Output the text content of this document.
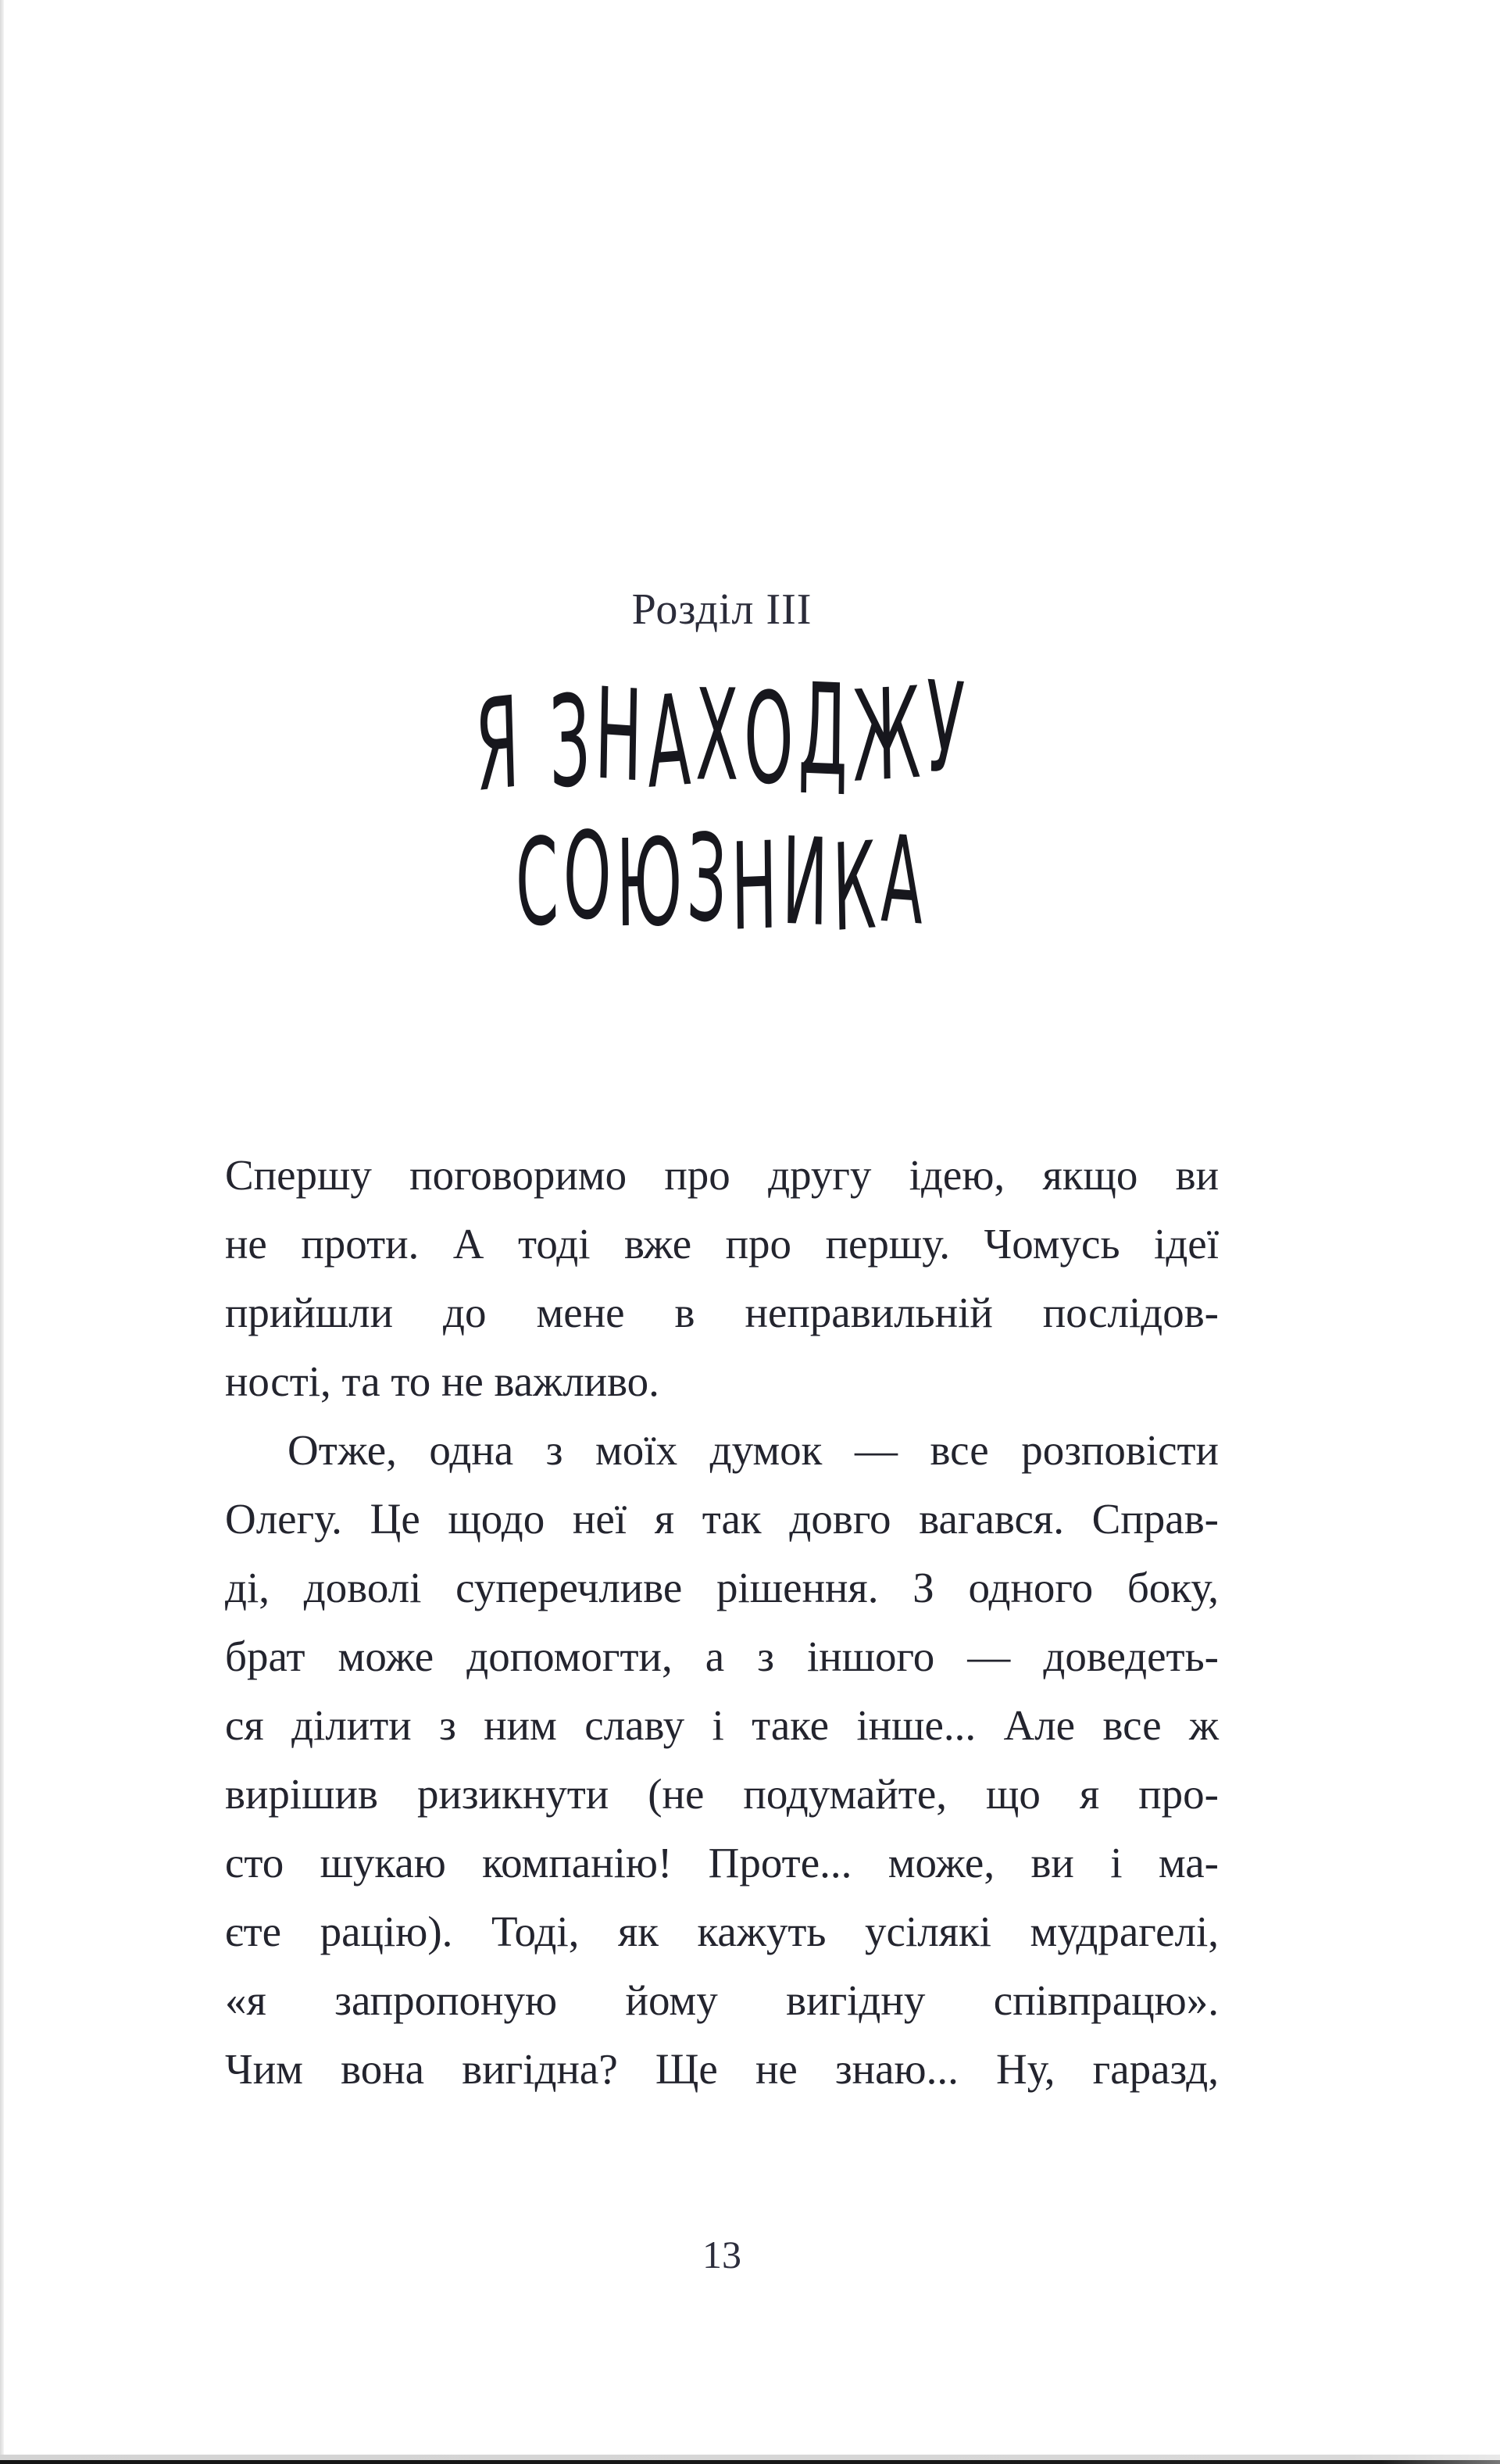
Розділ III
Я ЗНАХОДЖУ
СОЮЗНИКА
Спершу поговоримо про другу ідею, якщо ви
не проти. А тоді вже про першу. Чомусь ідеї
прийшли до мене в неправильній послідов-
ності, та то не важливо.
Отже, одна з моїх думок — все розповісти
Олегу. Це щодо неї я так довго вагався. Справ-
ді, доволі суперечливе рішення. З одного боку,
брат може допомогти, а з іншого — доведеть-
ся ділити з ним славу і таке інше... Але все ж
вирішив ризикнути (не подумайте, що я про-
сто шукаю компанію! Проте... може, ви і ма-
єте рацію). Тоді, як кажуть усілякі мудрагелі,
«я запропоную йому вигідну співпрацю».
Чим вона вигідна? Ще не знаю... Ну, гаразд,
13
